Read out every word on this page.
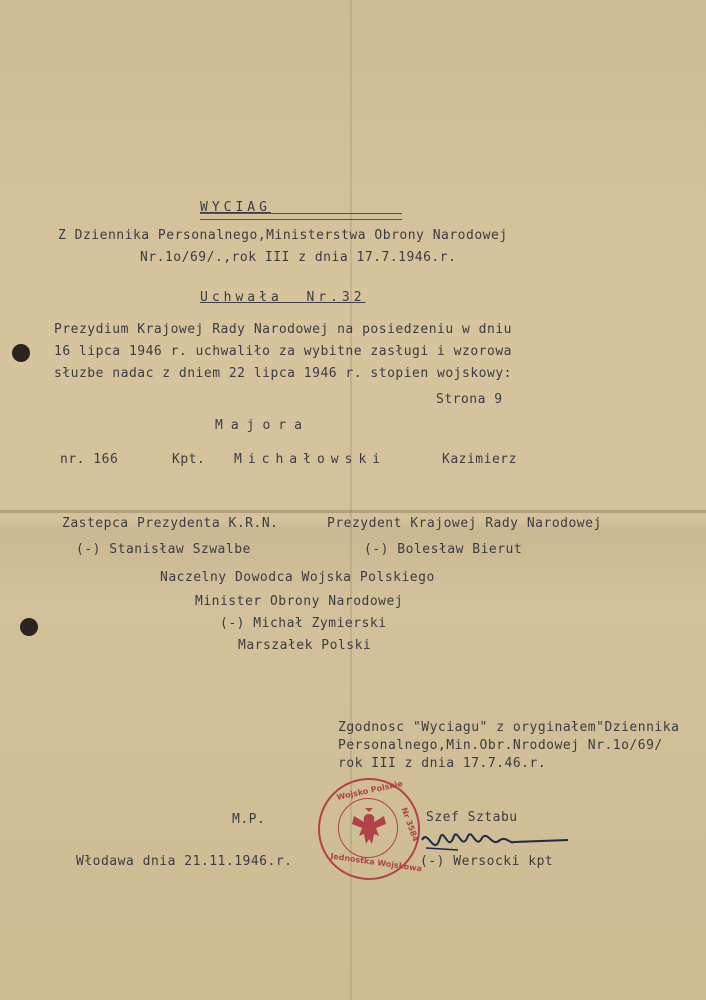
WYCIAG
Z Dziennika Personalnego,Ministerstwa Obrony Narodowej
Nr.1o/69/.,rok III z dnia 17.7.1946.r.
Uchwała  Nr.32
Prezydium Krajowej Rady Narodowej na posiedzeniu w dniu
16 lipca 1946 r. uchwaliło za wybitne zasługi i wzorowa
słuzbe nadac z dniem 22 lipca 1946 r. stopien wojskowy:
Strona 9
Majora
nr. 166	Kpt. Michałowski	Kazimierz
Zastepca Prezydenta K.R.N.	Prezydent Krajowej Rady Narodowej
(-) Stanisław Szwalbe	(-) Bolesław Bierut
Naczelny Dowodca Wojska Polskiego
Minister Obrony Narodowej
(-) Michał Zymierski
Marszałek Polski
Zgodnosc "Wyciagu" z oryginałem"Dziennika
Personalnego,Min.Obr.Nrodowej Nr.1o/69/
rok III z dnia 17.7.46.r.
M.P.	Szef Sztabu
Włodawa dnia 21.11.1946.r.	(-) Wersocki kpt
Wojsko Polskie
Nr 3584
Jednostka Wojskowa
